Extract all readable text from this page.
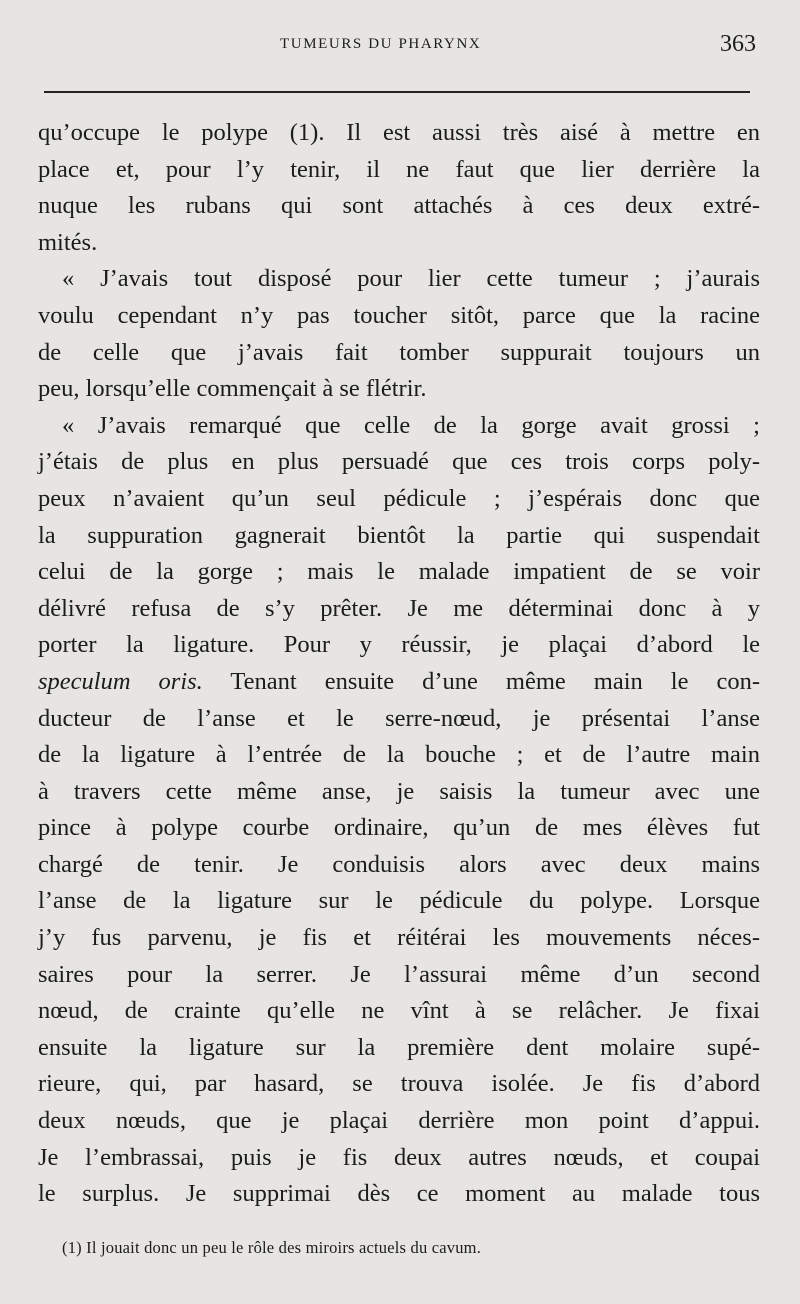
TUMEURS DU PHARYNX	363
qu’occupe le polype (1). Il est aussi très aisé à mettre en
place et, pour l’y tenir, il ne faut que lier derrière la
nuque les rubans qui sont attachés à ces deux extré-
mités.
« J’avais tout disposé pour lier cette tumeur ; j’aurais
voulu cependant n’y pas toucher sitôt, parce que la racine
de celle que j’avais fait tomber suppurait toujours un
peu, lorsqu’elle commençait à se flétrir.
« J’avais remarqué que celle de la gorge avait grossi ;
j’étais de plus en plus persuadé que ces trois corps poly-
peux n’avaient qu’un seul pédicule ; j’espérais donc que
la suppuration gagnerait bientôt la partie qui suspendait
celui de la gorge ; mais le malade impatient de se voir
délivré refusa de s’y prêter. Je me déterminai donc à y
porter la ligature. Pour y réussir, je plaçai d’abord le
speculum oris. Tenant ensuite d’une même main le con-
ducteur de l’anse et le serre-nœud, je présentai l’anse
de la ligature à l’entrée de la bouche ; et de l’autre main
à travers cette même anse, je saisis la tumeur avec une
pince à polype courbe ordinaire, qu’un de mes élèves fut
chargé de tenir. Je conduisis alors avec deux mains
l’anse de la ligature sur le pédicule du polype. Lorsque
j’y fus parvenu, je fis et réitérai les mouvements néces-
saires pour la serrer. Je l’assurai même d’un second
nœud, de crainte qu’elle ne vînt à se relâcher. Je fixai
ensuite la ligature sur la première dent molaire supé-
rieure, qui, par hasard, se trouva isolée. Je fis d’abord
deux nœuds, que je plaçai derrière mon point d’appui.
Je l’embrassai, puis je fis deux autres nœuds, et coupai
le surplus. Je supprimai dès ce moment au malade tous
(1) Il jouait donc un peu le rôle des miroirs actuels du cavum.
